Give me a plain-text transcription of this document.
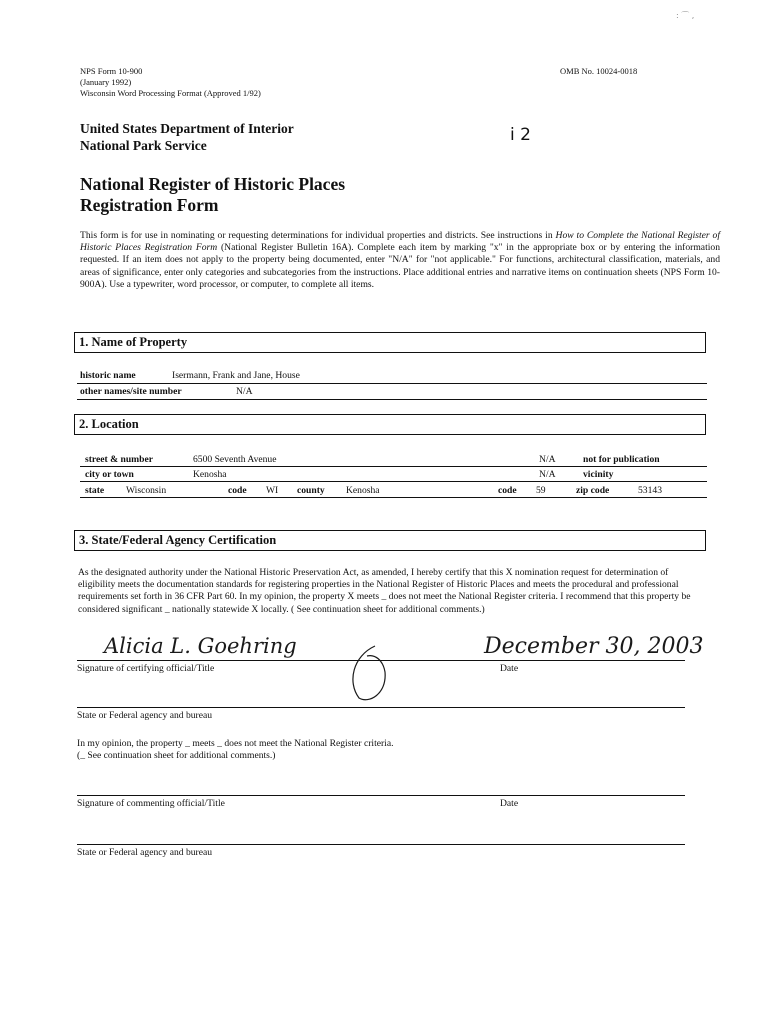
: ⌒ ,
NPS Form 10-900
(January 1992)
Wisconsin Word Processing Format (Approved 1/92)
OMB No. 10024-0018
i 2
United States Department of Interior
National Park Service
National Register of Historic Places
Registration Form
This form is for use in nominating or requesting determinations for individual properties and districts. See instructions in How to Complete the National Register of Historic Places Registration Form (National Register Bulletin 16A). Complete each item by marking "x" in the appropriate box or by entering the information requested. If an item does not apply to the property being documented, enter "N/A" for "not applicable." For functions, architectural classification, materials, and areas of significance, enter only categories and subcategories from the instructions. Place additional entries and narrative items on continuation sheets (NPS Form 10-900A). Use a typewriter, word processor, or computer, to complete all items.
1. Name of Property
historic name	Isermann, Frank and Jane, House
other names/site number	N/A
2. Location
street & number	6500 Seventh Avenue	N/A	not for publication
city or town	Kenosha	N/A	vicinity
state Wisconsin	code WI county Kenosha	code 59	zip code	53143
3. State/Federal Agency Certification
As the designated authority under the National Historic Preservation Act, as amended, I hereby certify that this X nomination request for determination of eligibility meets the documentation standards for registering properties in the National Register of Historic Places and meets the procedural and professional requirements set forth in 36 CFR Part 60. In my opinion, the property X meets _ does not meet the National Register criteria. I recommend that this property be considered significant _ nationally statewide X locally. ( See continuation sheet for additional comments.)
Alicia L. Goehring	December 30, 2003
Signature of certifying official/Title	Date
State or Federal agency and bureau
In my opinion, the property _ meets _ does not meet the National Register criteria.
(_ See continuation sheet for additional comments.)
Signature of commenting official/Title	Date
State or Federal agency and bureau
